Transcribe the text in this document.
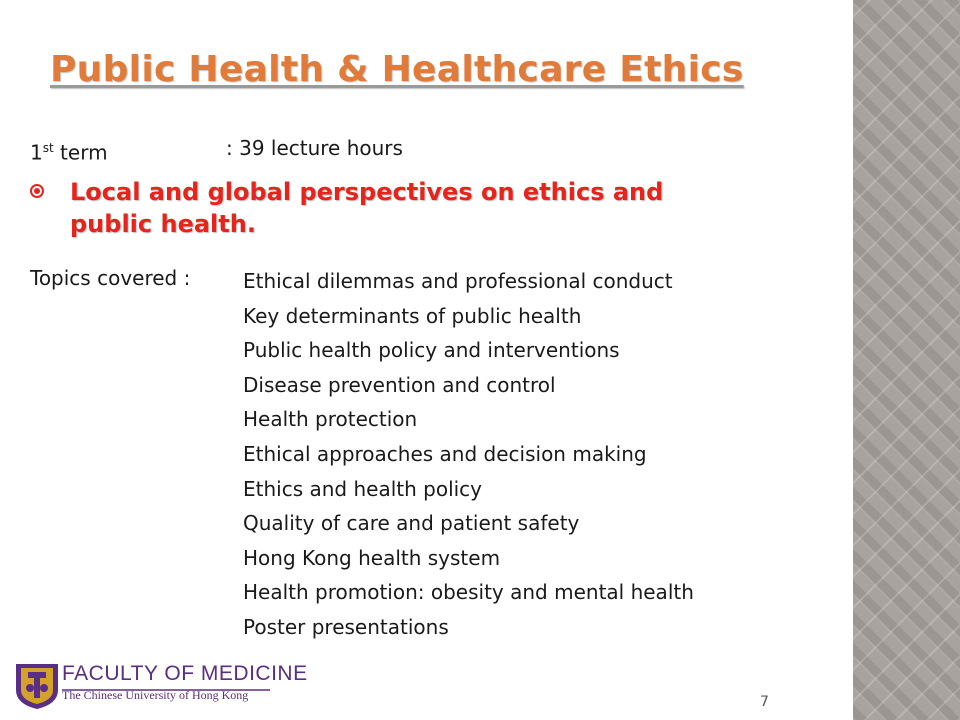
Public Health & Healthcare Ethics
1st term	: 39 lecture hours
Local and global perspectives on ethics and public health.
Topics covered :	Ethical dilemmas and professional conduct
Key determinants of public health
Public health policy and interventions
Disease prevention and control
Health protection
Ethical approaches and decision making
Ethics and health policy
Quality of care and patient safety
Hong Kong health system
Health promotion: obesity and mental health
Poster presentations
FACULTY OF MEDICINE
The Chinese University of Hong Kong	7
